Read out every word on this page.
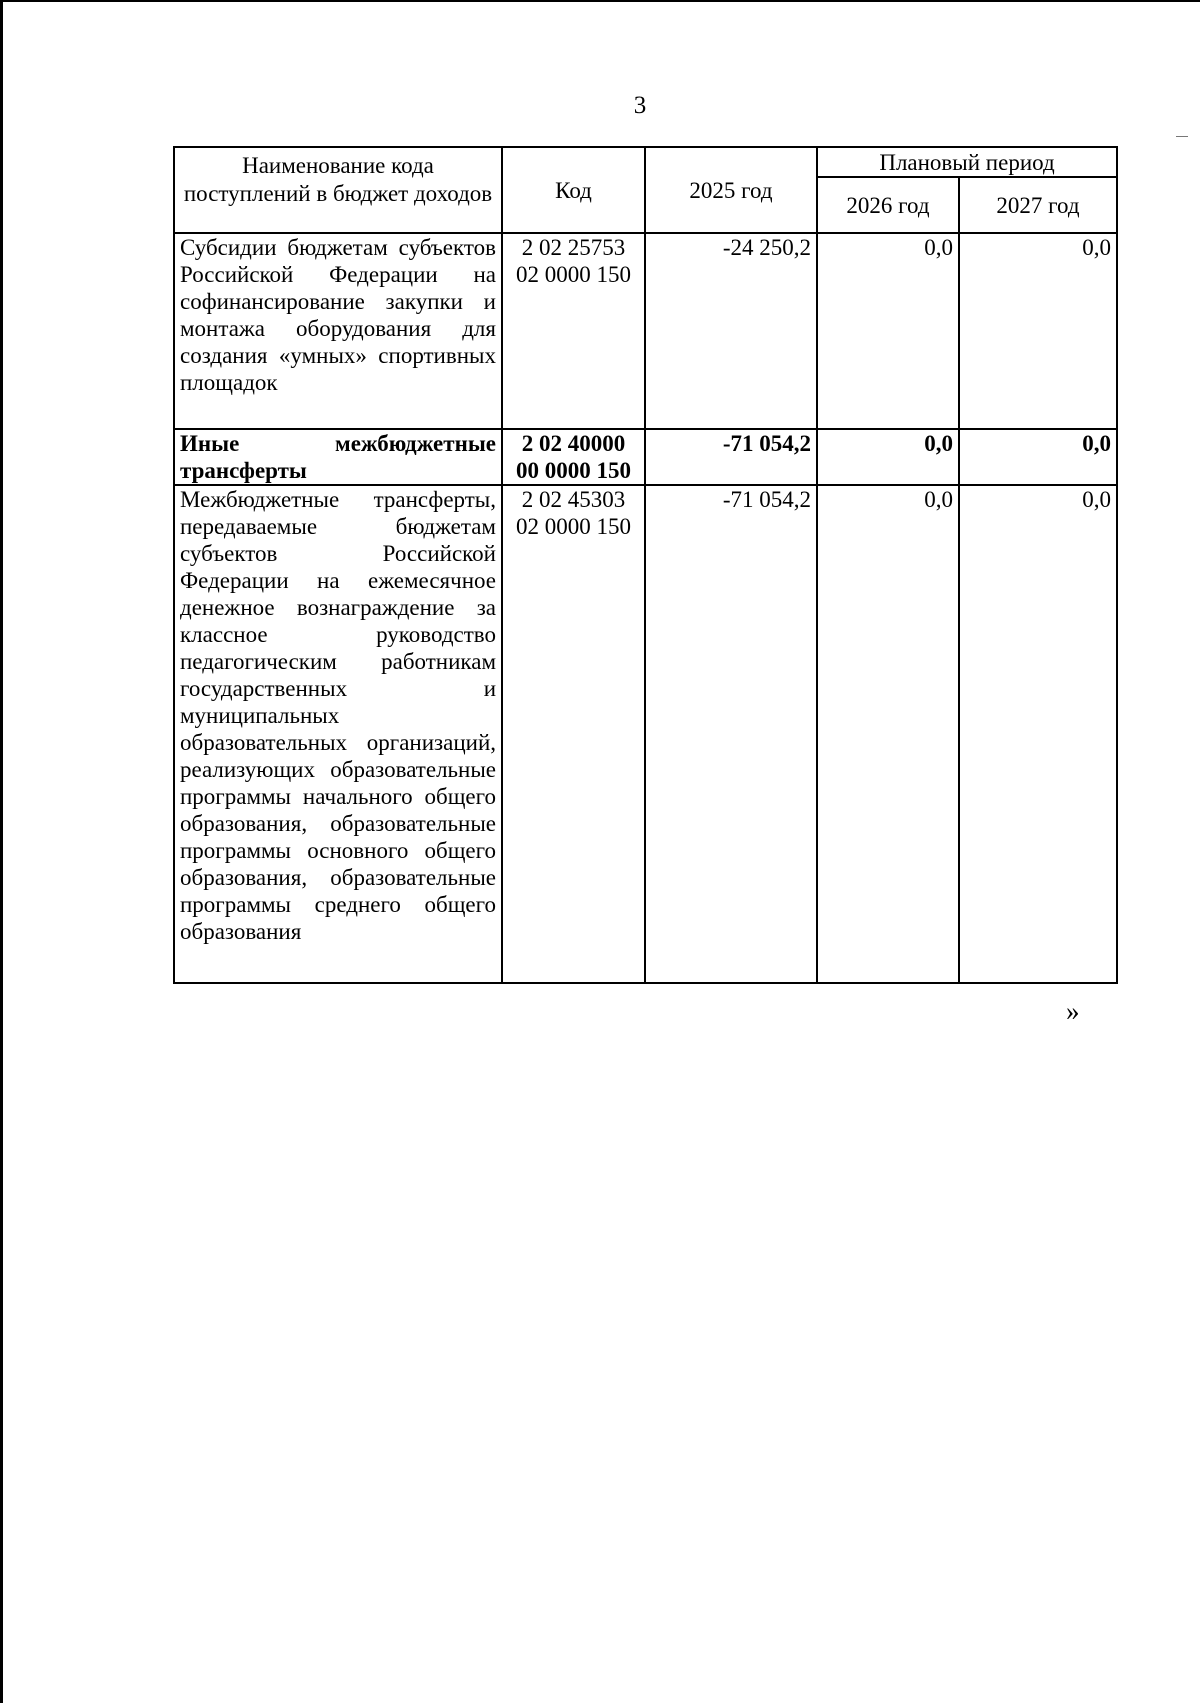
3
Наименование кода поступлений в бюджет доходов	Код	2025 год	Плановый период	
			2026 год	2027 год
Субсидии бюджетам субъектов Российской Федерации на софинансирование закупки и монтажа оборудования для создания «умных» спортивных площадок	2 02 25753 02 0000 150	-24 250,2	0,0	0,0
Иные межбюджетные трансферты	2 02 40000 00 0000 150	-71 054,2	0,0	0,0
Межбюджетные трансферты, передаваемые бюджетам субъектов Российской Федерации на ежемесячное денежное вознаграждение за классное руководство педагогическим работникам государственных и муниципальных образовательных организаций, реализующих образовательные программы начального общего образования, образовательные программы основного общего образования, образовательные программы среднего общего образования	2 02 45303 02 0000 150	-71 054,2	0,0	0,0
»
